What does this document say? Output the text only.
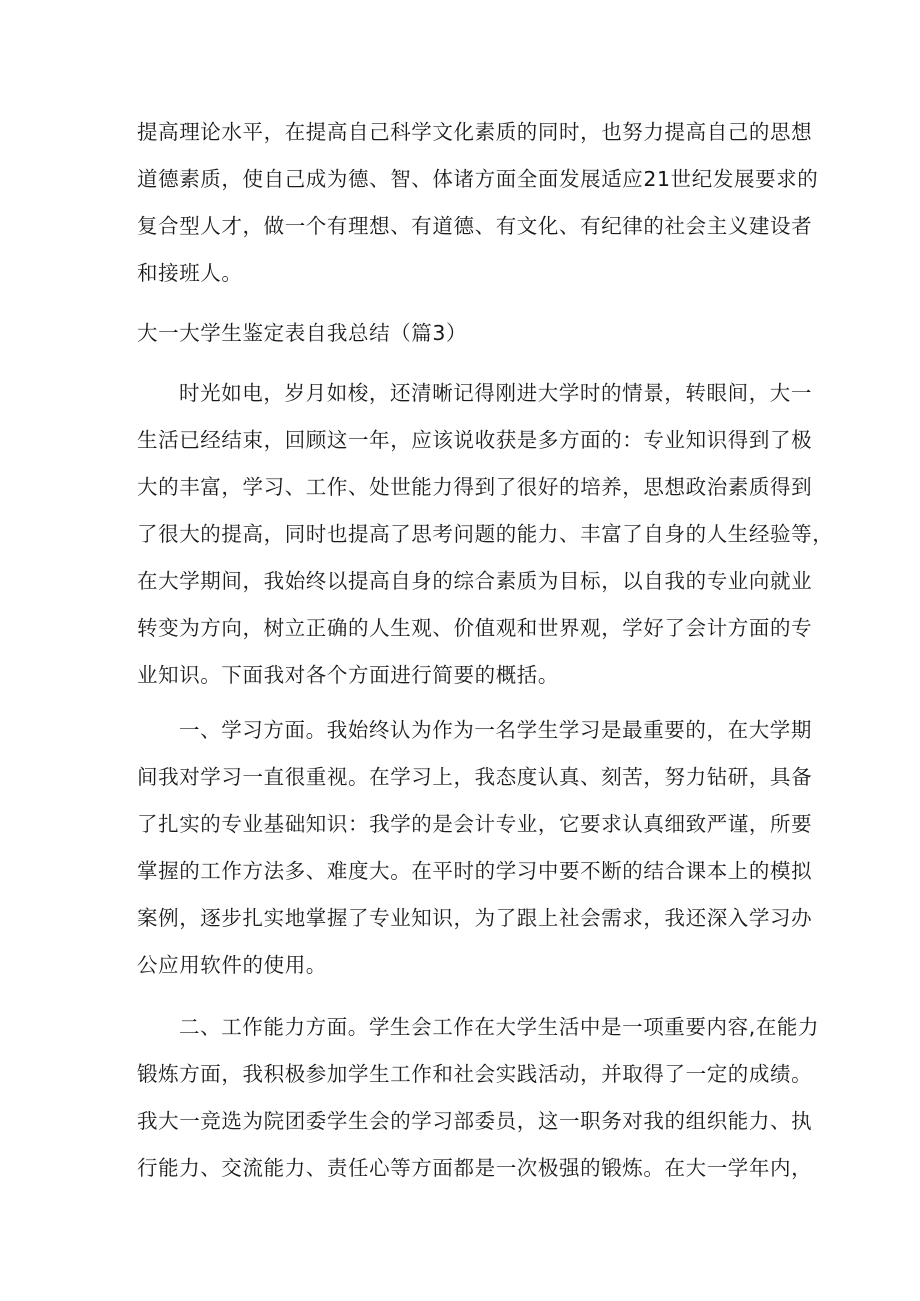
提高理论水平，在提高自己科学文化素质的同时，也努力提高自己的思想
道德素质，使自己成为德、智、体诸方面全面发展适应21世纪发展要求的
复合型人才，做一个有理想、有道德、有文化、有纪律的社会主义建设者
和接班人。
大一大学生鉴定表自我总结（篇3）
时光如电，岁月如梭，还清晰记得刚进大学时的情景，转眼间，大一
生活已经结束，回顾这一年，应该说收获是多方面的：专业知识得到了极
大的丰富，学习、工作、处世能力得到了很好的培养，思想政治素质得到
了很大的提高，同时也提高了思考问题的能力、丰富了自身的人生经验等，
在大学期间，我始终以提高自身的综合素质为目标，以自我的专业向就业
转变为方向，树立正确的人生观、价值观和世界观，学好了会计方面的专
业知识。下面我对各个方面进行简要的概括。
一、学习方面。我始终认为作为一名学生学习是最重要的，在大学期
间我对学习一直很重视。在学习上，我态度认真、刻苦，努力钻研，具备
了扎实的专业基础知识：我学的是会计专业，它要求认真细致严谨，所要
掌握的工作方法多、难度大。在平时的学习中要不断的结合课本上的模拟
案例，逐步扎实地掌握了专业知识，为了跟上社会需求，我还深入学习办
公应用软件的使用。
二、工作能力方面。学生会工作在大学生活中是一项重要内容,在能力
锻炼方面，我积极参加学生工作和社会实践活动，并取得了一定的成绩。
我大一竞选为院团委学生会的学习部委员，这一职务对我的组织能力、执
行能力、交流能力、责任心等方面都是一次极强的锻炼。在大一学年内，
